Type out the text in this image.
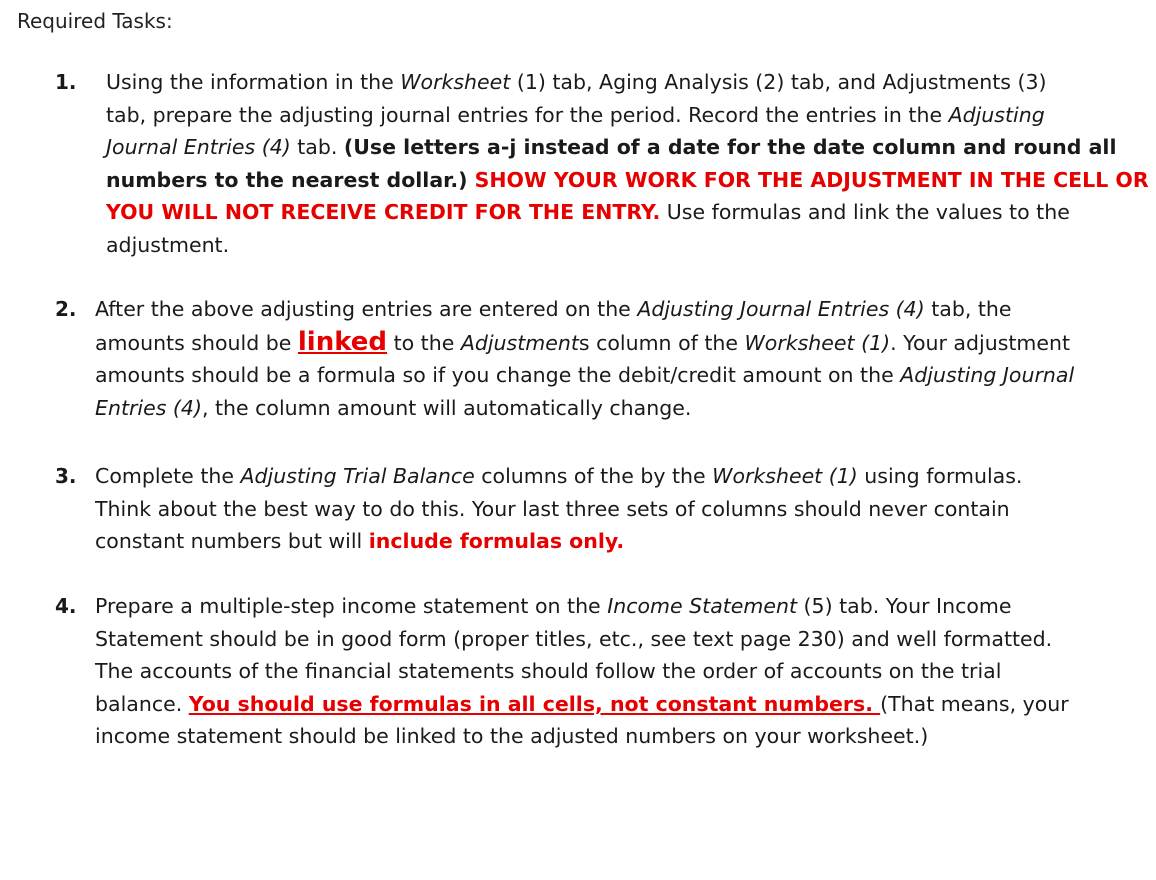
Required Tasks:
1. Using the information in the Worksheet (1) tab, Aging Analysis (2) tab, and Adjustments (3)
tab, prepare the adjusting journal entries for the period. Record the entries in the Adjusting
Journal Entries (4) tab. (Use letters a-j instead of a date for the date column and round all
numbers to the nearest dollar.) SHOW YOUR WORK FOR THE ADJUSTMENT IN THE CELL OR
YOU WILL NOT RECEIVE CREDIT FOR THE ENTRY. Use formulas and link the values to the
adjustment.
2. After the above adjusting entries are entered on the Adjusting Journal Entries (4) tab, the
amounts should be linked to the Adjustments column of the Worksheet (1). Your adjustment
amounts should be a formula so if you change the debit/credit amount on the Adjusting Journal
Entries (4), the column amount will automatically change.
3. Complete the Adjusting Trial Balance columns of the by the Worksheet (1) using formulas.
Think about the best way to do this. Your last three sets of columns should never contain
constant numbers but will include formulas only.
4. Prepare a multiple-step income statement on the Income Statement (5) tab. Your Income
Statement should be in good form (proper titles, etc., see text page 230) and well formatted.
The accounts of the financial statements should follow the order of accounts on the trial
balance. You should use formulas in all cells, not constant numbers. (That means, your
income statement should be linked to the adjusted numbers on your worksheet.)
